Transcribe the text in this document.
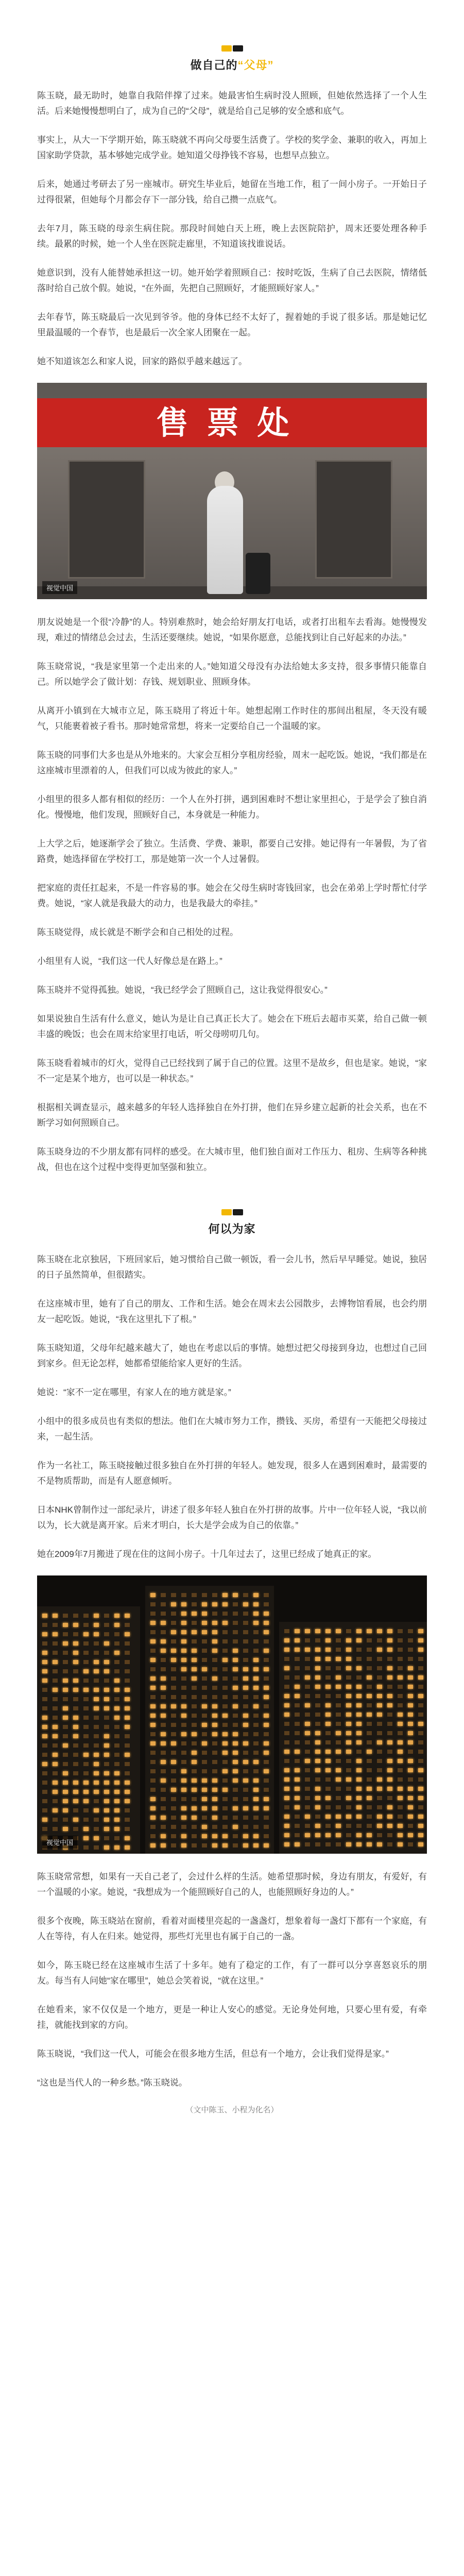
做自己的“父母”

陈玉晓，最无助时，她靠自我陪伴撑了过来。她最害怕生病时没人照顾，但她依然选择了一个人生活。后来她慢慢想明白了，成为自己的“父母”，就是给自己足够的安全感和底气。

事实上，从大一下学期开始，陈玉晓就不再向父母要生活费了。学校的奖学金、兼职的收入，再加上国家助学贷款，基本够她完成学业。她知道父母挣钱不容易，也想早点独立。

后来，她通过考研去了另一座城市。研究生毕业后，她留在当地工作，租了一间小房子。一开始日子过得很紧，但她每个月都会存下一部分钱，给自己攒一点底气。

去年7月，陈玉晓的母亲生病住院。那段时间她白天上班，晚上去医院陪护，周末还要处理各种手续。最累的时候，她一个人坐在医院走廊里，不知道该找谁说话。

她意识到，没有人能替她承担这一切。她开始学着照顾自己：按时吃饭，生病了自己去医院，情绪低落时给自己放个假。她说，“在外面，先把自己照顾好，才能照顾好家人。”

去年春节，陈玉晓最后一次见到爷爷。他的身体已经不太好了，握着她的手说了很多话。那是她记忆里最温暖的一个春节，也是最后一次全家人团聚在一起。

她不知道该怎么和家人说，回家的路似乎越来越远了。

售票处
视觉中国

朋友说她是一个很“冷静”的人。特别难熬时，她会给好朋友打电话，或者打出租车去看海。她慢慢发现，难过的情绪总会过去，生活还要继续。她说，“如果你愿意，总能找到让自己好起来的办法。”

陈玉晓常说，“我是家里第一个走出来的人。”她知道父母没有办法给她太多支持，很多事情只能靠自己。所以她学会了做计划：存钱、规划职业、照顾身体。

从离开小镇到在大城市立足，陈玉晓用了将近十年。她想起刚工作时住的那间出租屋，冬天没有暖气，只能裹着被子看书。那时她常常想，将来一定要给自己一个温暖的家。

陈玉晓的同事们大多也是从外地来的。大家会互相分享租房经验，周末一起吃饭。她说，“我们都是在这座城市里漂着的人，但我们可以成为彼此的家人。”

小组里的很多人都有相似的经历：一个人在外打拼，遇到困难时不想让家里担心，于是学会了独自消化。慢慢地，他们发现，照顾好自己，本身就是一种能力。

上大学之后，她逐渐学会了独立。生活费、学费、兼职，都要自己安排。她记得有一年暑假，为了省路费，她选择留在学校打工，那是她第一次一个人过暑假。

把家庭的责任扛起来，不是一件容易的事。她会在父母生病时寄钱回家，也会在弟弟上学时帮忙付学费。她说，“家人就是我最大的动力，也是我最大的牵挂。”

陈玉晓觉得，成长就是不断学会和自己相处的过程。

小组里有人说，“我们这一代人好像总是在路上。”

陈玉晓并不觉得孤独。她说，“我已经学会了照顾自己，这让我觉得很安心。”

如果说独自生活有什么意义，她认为是让自己真正长大了。她会在下班后去超市买菜，给自己做一顿丰盛的晚饭；也会在周末给家里打电话，听父母唠叨几句。

陈玉晓看着城市的灯火，觉得自己已经找到了属于自己的位置。这里不是故乡，但也是家。她说，“家不一定是某个地方，也可以是一种状态。”

根据相关调查显示，越来越多的年轻人选择独自在外打拼，他们在异乡建立起新的社会关系，也在不断学习如何照顾自己。

陈玉晓身边的不少朋友都有同样的感受。在大城市里，他们独自面对工作压力、租房、生病等各种挑战，但也在这个过程中变得更加坚强和独立。

何以为家

陈玉晓在北京独居，下班回家后，她习惯给自己做一顿饭，看一会儿书，然后早早睡觉。她说，独居的日子虽然简单，但很踏实。

在这座城市里，她有了自己的朋友、工作和生活。她会在周末去公园散步，去博物馆看展，也会约朋友一起吃饭。她说，“我在这里扎下了根。”

陈玉晓知道，父母年纪越来越大了，她也在考虑以后的事情。她想过把父母接到身边，也想过自己回到家乡。但无论怎样，她都希望能给家人更好的生活。

她说：“家不一定在哪里，有家人在的地方就是家。”

小组中的很多成员也有类似的想法。他们在大城市努力工作，攒钱、买房，希望有一天能把父母接过来，一起生活。

作为一名社工，陈玉晓接触过很多独自在外打拼的年轻人。她发现，很多人在遇到困难时，最需要的不是物质帮助，而是有人愿意倾听。

日本NHK曾制作过一部纪录片，讲述了很多年轻人独自在外打拼的故事。片中一位年轻人说，“我以前以为，长大就是离开家。后来才明白，长大是学会成为自己的依靠。”

她在2009年7月搬进了现在住的这间小房子。十几年过去了，这里已经成了她真正的家。

视觉中国

陈玉晓常常想，如果有一天自己老了，会过什么样的生活。她希望那时候，身边有朋友，有爱好，有一个温暖的小家。她说，“我想成为一个能照顾好自己的人，也能照顾好身边的人。”

很多个夜晚，陈玉晓站在窗前，看着对面楼里亮起的一盏盏灯，想象着每一盏灯下都有一个家庭，有人在等待，有人在归来。她觉得，那些灯光里也有属于自己的一盏。

如今，陈玉晓已经在这座城市生活了十多年。她有了稳定的工作，有了一群可以分享喜怒哀乐的朋友。每当有人问她“家在哪里”，她总会笑着说，“就在这里。”

在她看来，家不仅仅是一个地方，更是一种让人安心的感觉。无论身处何地，只要心里有爱，有牵挂，就能找到家的方向。

陈玉晓说，“我们这一代人，可能会在很多地方生活，但总有一个地方，会让我们觉得是家。”

“这也是当代人的一种乡愁。”陈玉晓说。

（文中陈玉、小程为化名）
